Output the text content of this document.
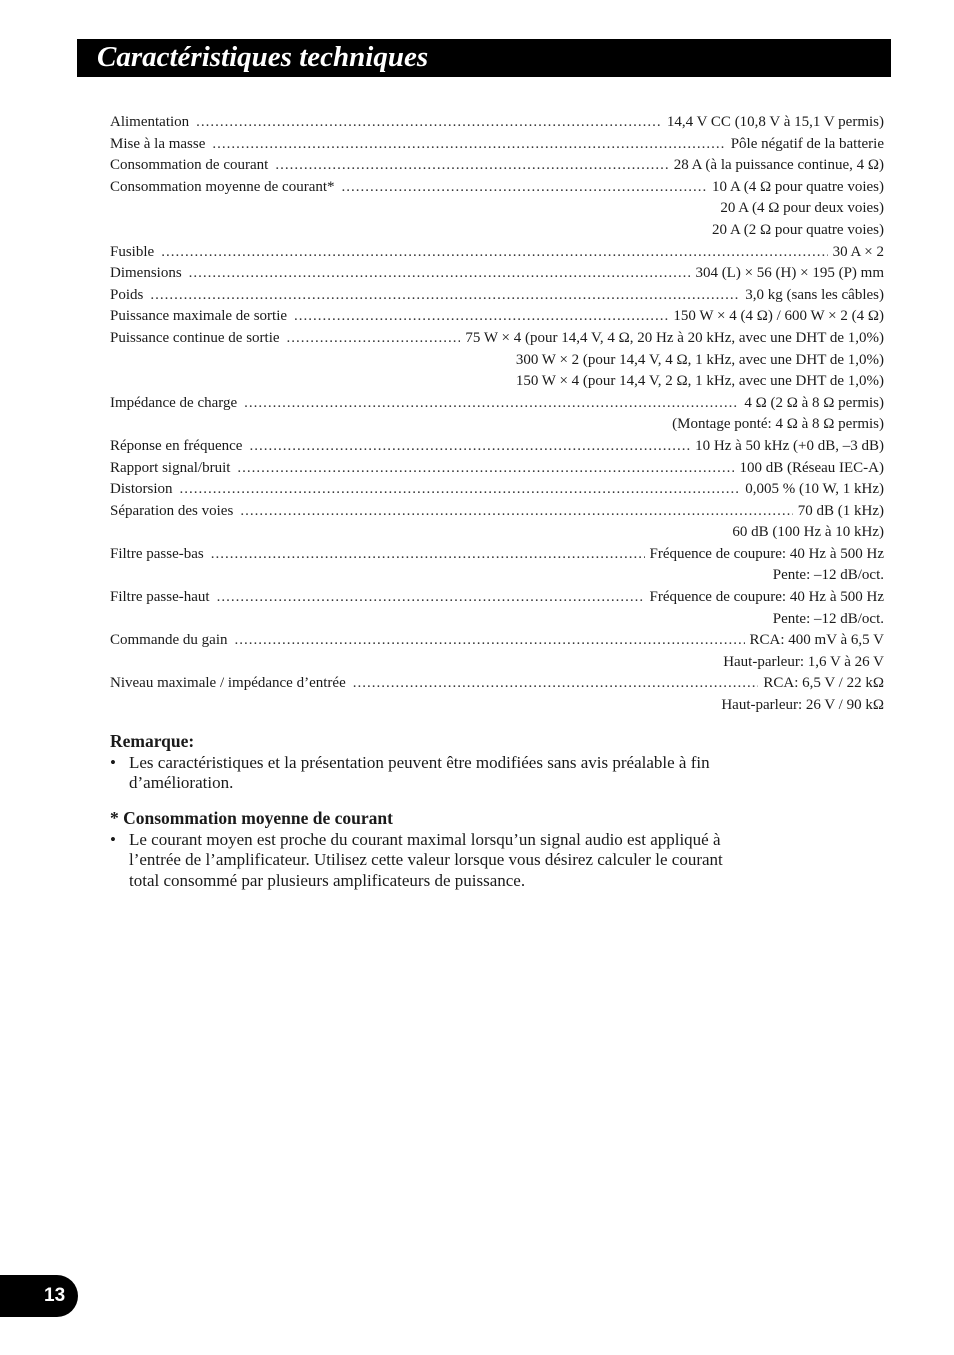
Caractéristiques techniques
Alimentation .....	14,4 V CC (10,8 V à 15,1 V permis)
Mise à la masse .....	Pôle négatif de la batterie
Consommation de courant .....	28 A (à la puissance continue, 4 Ω)
Consommation moyenne de courant* .....	10 A (4 Ω pour quatre voies)
20 A (4 Ω pour deux voies)
20 A (2 Ω pour quatre voies)
Fusible .....	30 A × 2
Dimensions .....	304 (L) × 56 (H) × 195 (P) mm
Poids .....	3,0 kg (sans les câbles)
Puissance maximale de sortie .....	150 W × 4 (4 Ω) / 600 W × 2 (4 Ω)
Puissance continue de sortie .....	75 W × 4 (pour 14,4 V, 4 Ω, 20 Hz à 20 kHz, avec une DHT de 1,0%)
300 W × 2 (pour 14,4 V, 4 Ω, 1 kHz, avec une DHT de 1,0%)
150 W × 4 (pour 14,4 V, 2 Ω, 1 kHz, avec une DHT de 1,0%)
Impédance de charge .....	4 Ω (2 Ω à 8 Ω permis)
(Montage ponté: 4 Ω à 8 Ω permis)
Réponse en fréquence .....	10 Hz à 50 kHz (+0 dB, –3 dB)
Rapport signal/bruit .....	100 dB (Réseau IEC-A)
Distorsion .....	0,005 % (10 W, 1 kHz)
Séparation des voies .....	70 dB (1 kHz)
60 dB (100 Hz à 10 kHz)
Filtre passe-bas .....	Fréquence de coupure: 40 Hz à 500 Hz
Pente: –12 dB/oct.
Filtre passe-haut .....	Fréquence de coupure: 40 Hz à 500 Hz
Pente: –12 dB/oct.
Commande du gain .....	RCA: 400 mV à 6,5 V
Haut-parleur: 1,6 V à 26 V
Niveau maximale / impédance d’entrée .....	RCA: 6,5 V / 22 kΩ
Haut-parleur: 26 V / 90 kΩ
Remarque:
• Les caractéristiques et la présentation peuvent être modifiées sans avis préalable à fin d’amélioration.
* Consommation moyenne de courant
• Le courant moyen est proche du courant maximal lorsqu’un signal audio est appliqué à l’entrée de l’amplificateur. Utilisez cette valeur lorsque vous désirez calculer le courant total consommé par plusieurs amplificateurs de puissance.
13
